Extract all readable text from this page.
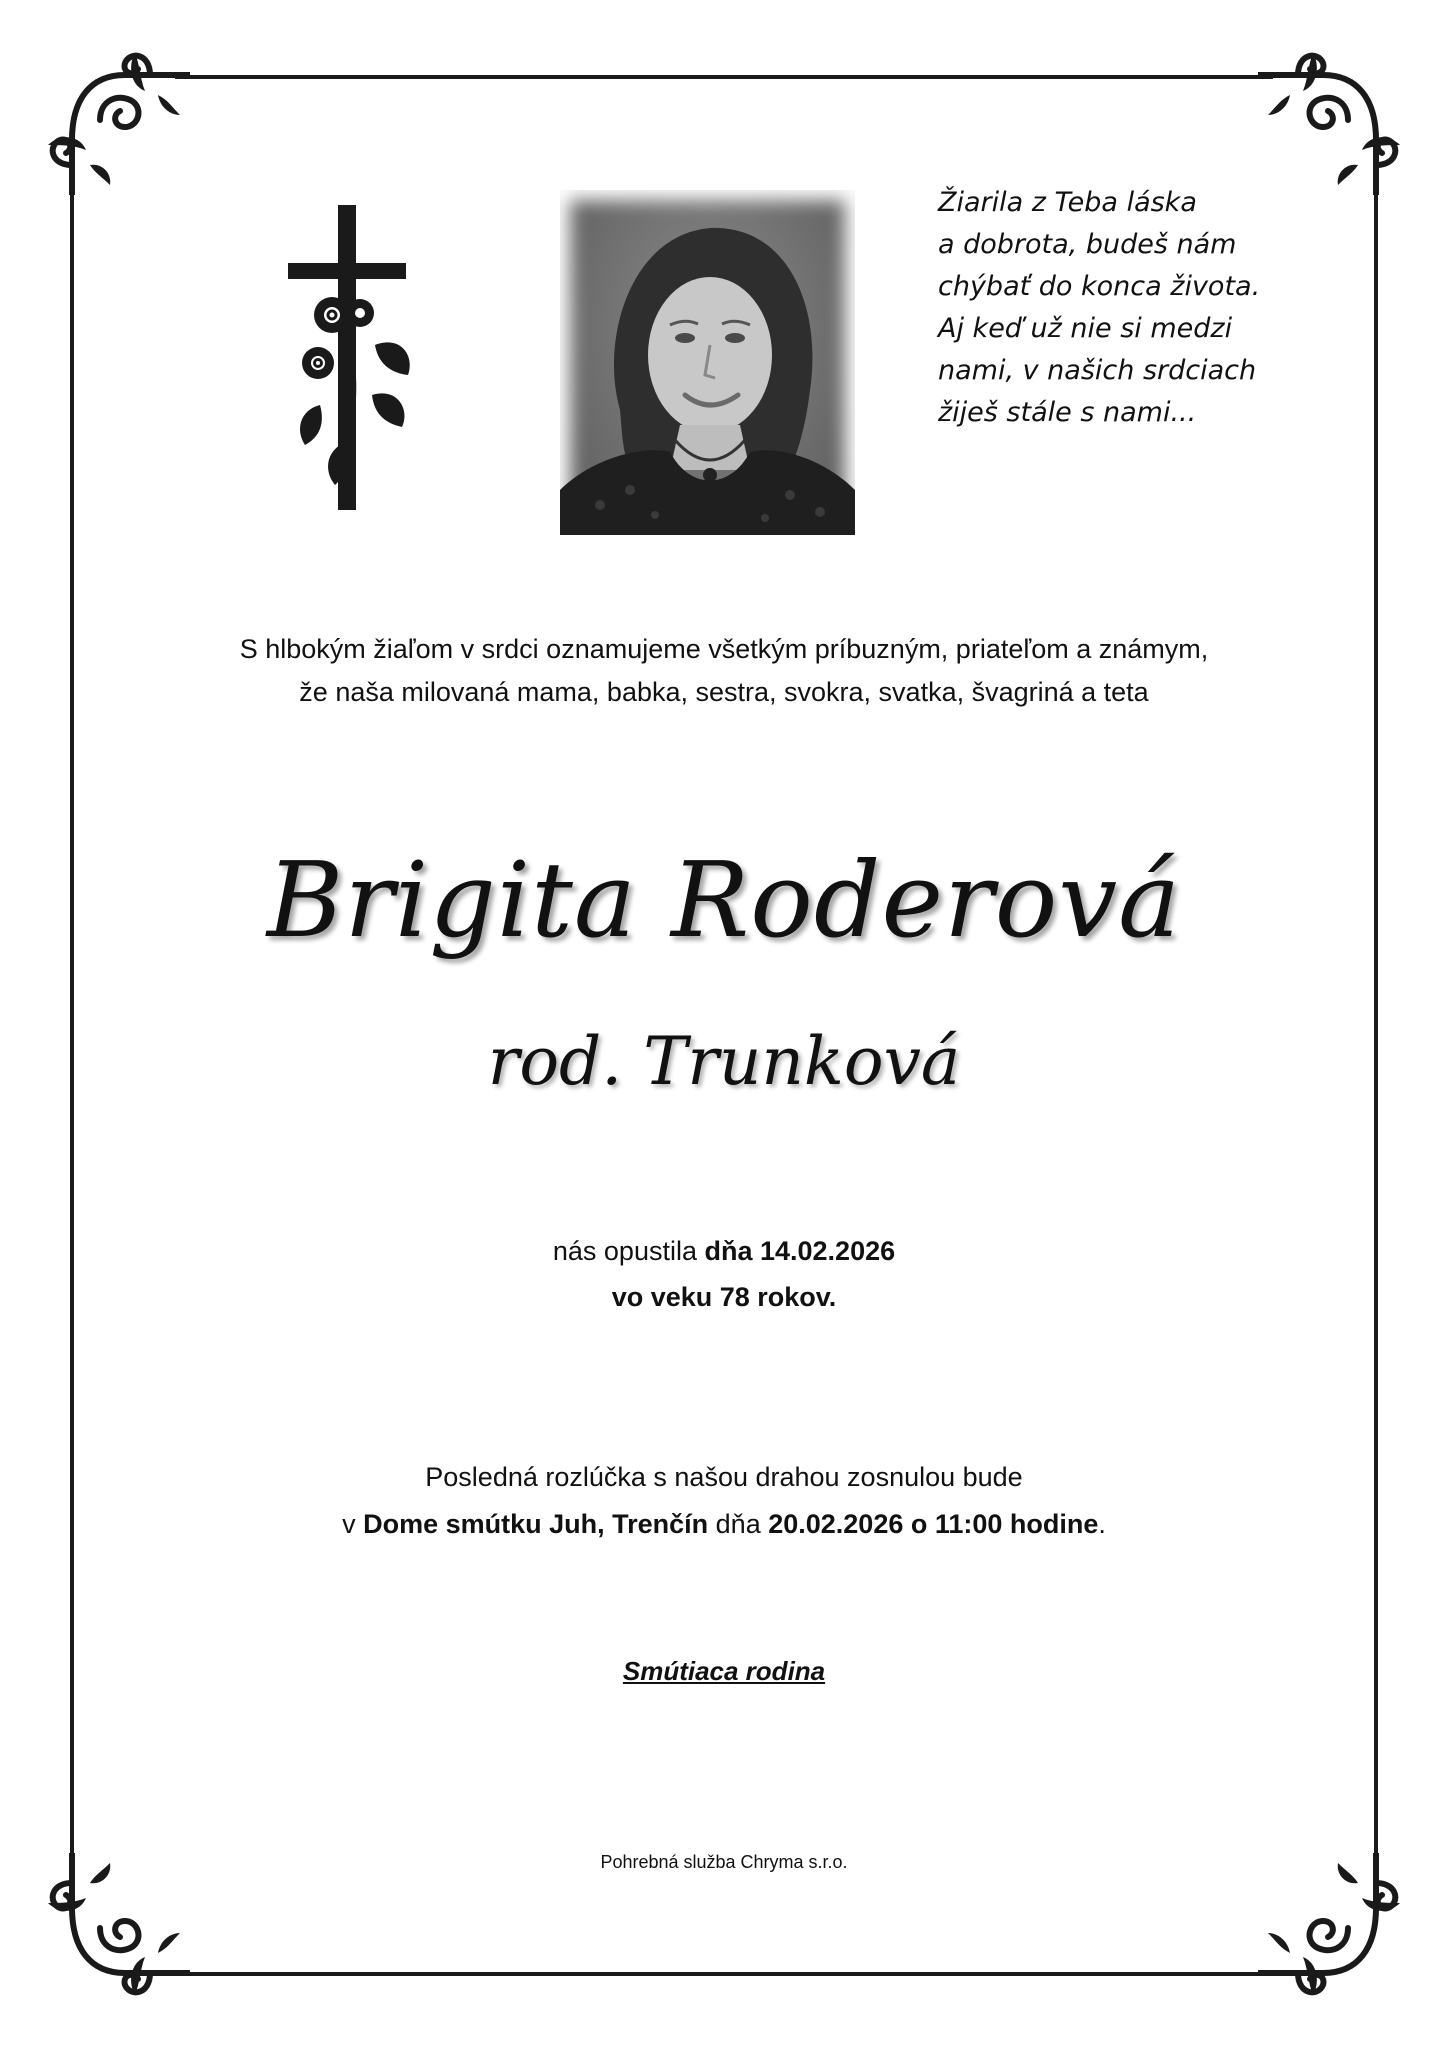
Žiarila z Teba láska
a dobrota, budeš nám
chýbať do konca života.
Aj keď už nie si medzi
nami, v našich srdciach
žiješ stále s nami...
S hlbokým žiaľom v srdci oznamujeme všetkým príbuzným, priateľom a známym,
že naša milovaná mama, babka, sestra, svokra, svatka, švagriná a teta
Brigita Roderová
rod. Trunková
nás opustila dňa 14.02.2026
vo veku 78 rokov.
Posledná rozlúčka s našou drahou zosnulou bude
v Dome smútku Juh, Trenčín dňa 20.02.2026 o 11:00 hodine.
Smútiaca rodina
Pohrebná služba Chryma s.r.o.
